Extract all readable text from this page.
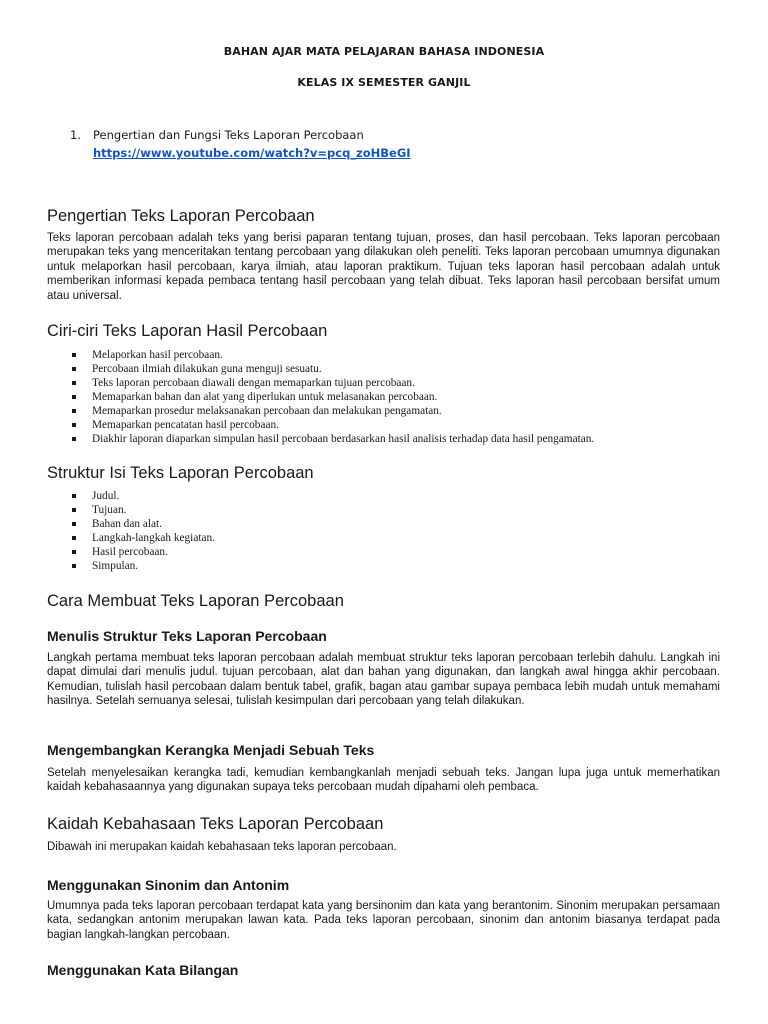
BAHAN AJAR MATA PELAJARAN BAHASA INDONESIA
KELAS IX SEMESTER GANJIL
1. Pengertian dan Fungsi Teks Laporan Percobaan
https://www.youtube.com/watch?v=pcq_zoHBeGI
Pengertian Teks Laporan Percobaan

Teks laporan percobaan adalah teks yang berisi paparan tentang tujuan, proses, dan hasil percobaan. Teks laporan percobaan merupakan teks yang menceritakan tentang percobaan yang dilakukan oleh peneliti. Teks laporan percobaan umumnya digunakan untuk melaporkan hasil percobaan, karya ilmiah, atau laporan praktikum. Tujuan teks laporan hasil percobaan adalah untuk memberikan informasi kepada pembaca tentang hasil percobaan yang telah dibuat. Teks laporan hasil percobaan bersifat umum atau universal.

Ciri-ciri Teks Laporan Hasil Percobaan
Melaporkan hasil percobaan.
Percobaan ilmiah dilakukan guna menguji sesuatu.
Teks laporan percobaan diawali dengan memaparkan tujuan percobaan.
Memaparkan bahan dan alat yang diperlukan untuk melasanakan percobaan.
Memaparkan prosedur melaksanakan percobaan dan melakukan pengamatan.
Memaparkan pencatatan hasil percobaan.
Diakhir laporan diaparkan simpulan hasil percobaan berdasarkan hasil analisis terhadap data hasil pengamatan.
Struktur Isi Teks Laporan Percobaan
Judul.
Tujuan.
Bahan dan alat.
Langkah-langkah kegiatan.
Hasil percobaan.
Simpulan.
Cara Membuat Teks Laporan Percobaan
Menulis Struktur Teks Laporan Percobaan

Langkah pertama membuat teks laporan percobaan adalah membuat struktur teks laporan percobaan terlebih dahulu. Langkah ini dapat dimulai dari menulis judul. tujuan percobaan, alat dan bahan yang digunakan, dan langkah awal hingga akhir percobaan. Kemudian, tulislah hasil percobaan dalam bentuk tabel, grafik, bagan atau gambar supaya pembaca lebih mudah untuk memahami hasilnya. Setelah semuanya selesai, tulislah kesimpulan dari percobaan yang telah dilakukan.

Mengembangkan Kerangka Menjadi Sebuah Teks

Setelah menyelesaikan kerangka tadi, kemudian kembangkanlah menjadi sebuah teks. Jangan lupa juga untuk memerhatikan kaidah kebahasaannya yang digunakan supaya teks percobaan mudah dipahami oleh pembaca.

Kaidah Kebahasaan Teks Laporan Percobaan

Dibawah ini merupakan kaidah kebahasaan teks laporan percobaan.

Menggunakan Sinonim dan Antonim

Umumnya pada teks laporan percobaan terdapat kata yang bersinonim dan kata yang berantonim. Sinonim merupakan persamaan kata, sedangkan antonim merupakan lawan kata. Pada teks laporan percobaan, sinonim dan antonim biasanya terdapat pada bagian langkah-langkan percobaan.

Menggunakan Kata Bilangan
